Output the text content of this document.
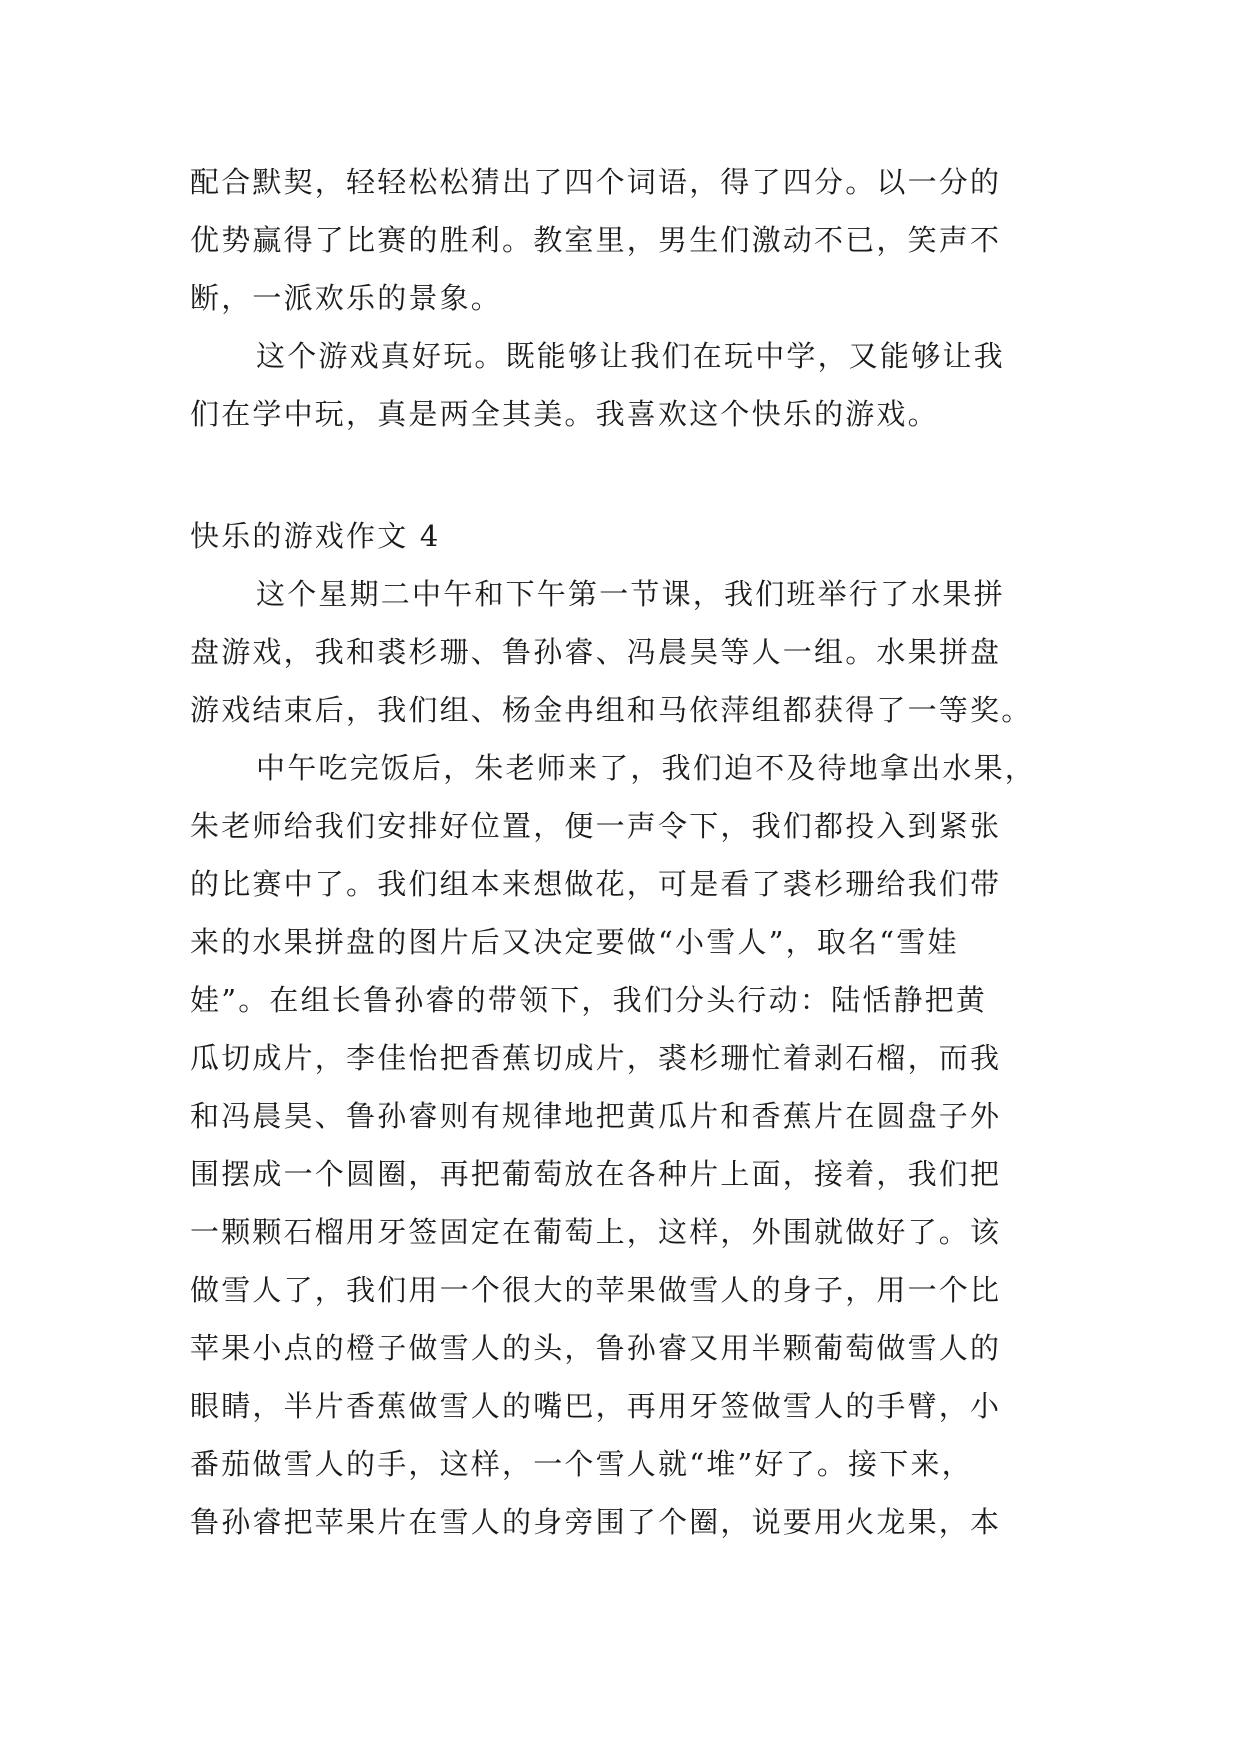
配合默契，轻轻松松猜出了四个词语，得了四分。以一分的
优势赢得了比赛的胜利。教室里，男生们激动不已，笑声不
断，一派欢乐的景象。
这个游戏真好玩。既能够让我们在玩中学，又能够让我
们在学中玩，真是两全其美。我喜欢这个快乐的游戏。
快乐的游戏作文 4
这个星期二中午和下午第一节课，我们班举行了水果拼
盘游戏，我和裘杉珊、鲁孙睿、冯晨昊等人一组。水果拼盘
游戏结束后，我们组、杨金冉组和马依萍组都获得了一等奖。
中午吃完饭后，朱老师来了，我们迫不及待地拿出水果，
朱老师给我们安排好位置，便一声令下，我们都投入到紧张
的比赛中了。我们组本来想做花，可是看了裘杉珊给我们带
来的水果拼盘的图片后又决定要做“小雪人”，取名“雪娃
娃”。在组长鲁孙睿的带领下，我们分头行动：陆恬静把黄
瓜切成片，李佳怡把香蕉切成片，裘杉珊忙着剥石榴，而我
和冯晨昊、鲁孙睿则有规律地把黄瓜片和香蕉片在圆盘子外
围摆成一个圆圈，再把葡萄放在各种片上面，接着，我们把
一颗颗石榴用牙签固定在葡萄上，这样，外围就做好了。该
做雪人了，我们用一个很大的苹果做雪人的身子，用一个比
苹果小点的橙子做雪人的头，鲁孙睿又用半颗葡萄做雪人的
眼睛，半片香蕉做雪人的嘴巴，再用牙签做雪人的手臂，小
番茄做雪人的手，这样，一个雪人就“堆”好了。接下来，
鲁孙睿把苹果片在雪人的身旁围了个圈，说要用火龙果，本
